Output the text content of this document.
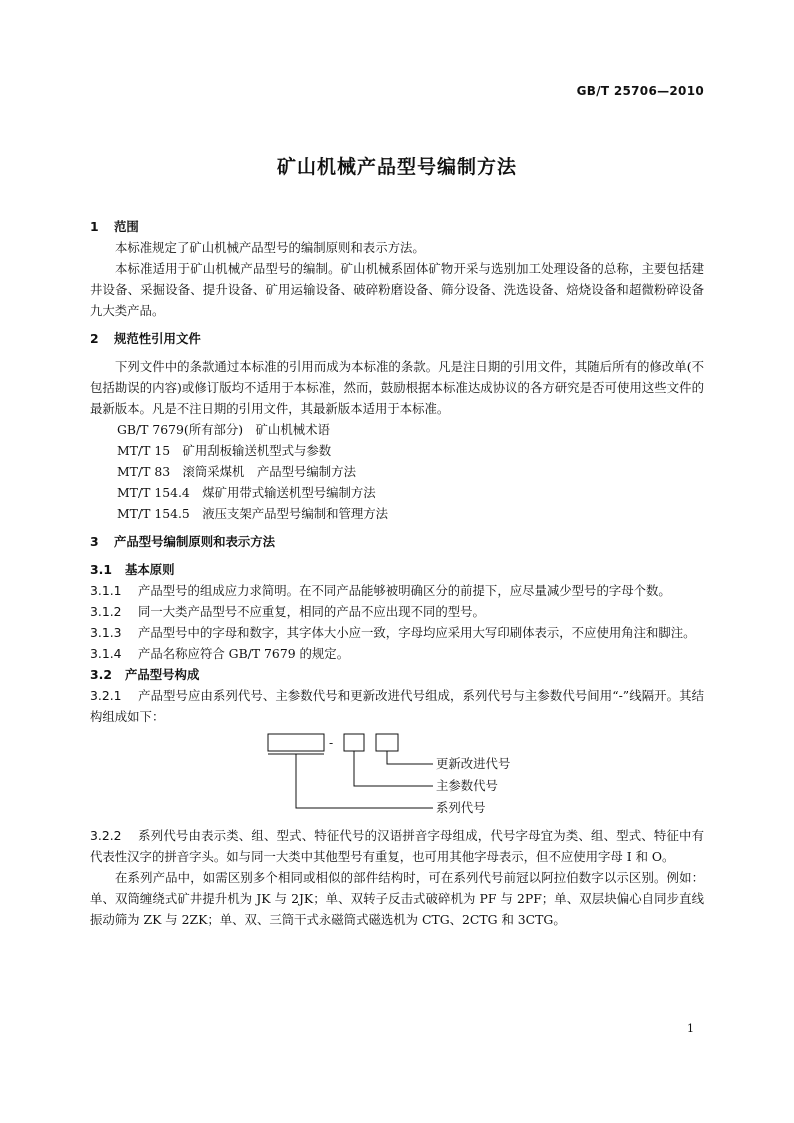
GB/T 25706—2010
矿山机械产品型号编制方法
1 范围

本标准规定了矿山机械产品型号的编制原则和表示方法。

本标准适用于矿山机械产品型号的编制。矿山机械系固体矿物开采与选别加工处理设备的总称，主要包括建井设备、采掘设备、提升设备、矿用运输设备、破碎粉磨设备、筛分设备、洗选设备、焙烧设备和超微粉碎设备九大类产品。

2 规范性引用文件

下列文件中的条款通过本标准的引用而成为本标准的条款。凡是注日期的引用文件，其随后所有的修改单(不包括勘误的内容)或修订版均不适用于本标准，然而，鼓励根据本标准达成协议的各方研究是否可使用这些文件的最新版本。凡是不注日期的引用文件，其最新版本适用于本标准。

GB/T 7679(所有部分)　矿山机械术语

MT/T 15　矿用刮板输送机型式与参数

MT/T 83　滚筒采煤机　产品型号编制方法

MT/T 154.4　煤矿用带式输送机型号编制方法

MT/T 154.5　液压支架产品型号编制和管理方法

3 产品型号编制原则和表示方法
3.1 基本原则

3.1.1 产品型号的组成应力求简明。在不同产品能够被明确区分的前提下，应尽量减少型号的字母个数。

3.1.2 同一大类产品型号不应重复，相同的产品不应出现不同的型号。

3.1.3 产品型号中的字母和数字，其字体大小应一致，字母均应采用大写印刷体表示，不应使用角注和脚注。

3.1.4 产品名称应符合 GB/T 7679 的规定。

3.2 产品型号构成

3.2.1 产品型号应由系列代号、主参数代号和更新改进代号组成，系列代号与主参数代号间用“-”线隔开。其结构组成如下：

-
更新改进代号
主参数代号
系列代号

3.2.2 系列代号由表示类、组、型式、特征代号的汉语拼音字母组成，代号字母宜为类、组、型式、特征中有代表性汉字的拼音字头。如与同一大类中其他型号有重复，也可用其他字母表示，但不应使用字母 I 和 O。

在系列产品中，如需区别多个相同或相似的部件结构时，可在系列代号前冠以阿拉伯数字以示区别。例如：单、双筒缠绕式矿井提升机为 JK 与 2JK；单、双转子反击式破碎机为 PF 与 2PF；单、双层块偏心自同步直线振动筛为 ZK 与 2ZK；单、双、三筒干式永磁筒式磁选机为 CTG、2CTG 和 3CTG。

1
